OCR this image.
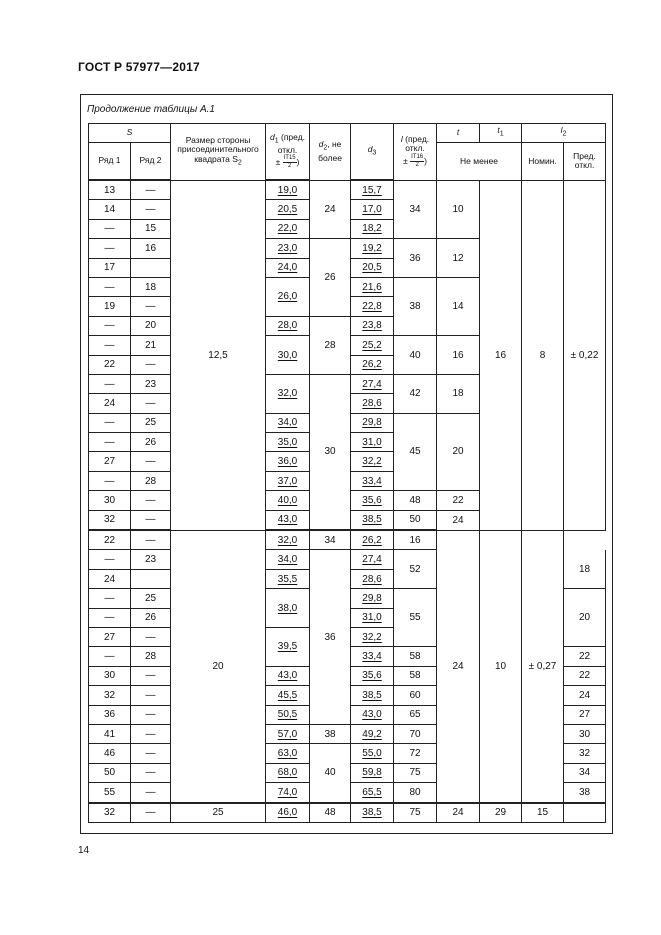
ГОСТ Р 57977—2017
Продолжение таблицы А.1
S		Размер стороны присоединительного квадрата $S_2$	$d_1$ (пред. откл.
± $\frac{IT15}{2}$ )	$d_2$, не более	$d_3$	l (пред. откл.
± $\frac{IT16}{2}$ )	t	$t_1$	$l_2$
Ряд 1	Ряд 2						Не менее		Номин.	Пред. откл.
13	—	12,5	19,0	24	15,7	34	10	16	8	± 0,22
14	—		20,5		17,0					
—	15		22,0		18,2					
—	16		23,0	26	19,2	36	12			
17			24,0		20,5					
—	18		26,0		21,6	38	14			
19	—				22,8					
—	20		28,0	28	23,8					
—	21		30,0		25,2	40	16			
22	—				26,2					
—	23		32,0	30	27,4	42	18			
24	—				28,6					
—	25		34,0		29,8	45	20			
—	26		35,0		31,0					
27	—		36,0		32,2					
—	28		37,0		33,4					
30	—		40,0		35,6	48	22			
32	—		43,0		38,5	50	24			
22	—	20	32,0	34	26,2	16	24	10	± 0,27	
—	23		34,0	36	27,4	52				18
24			35,5		28,6					
—	25		38,0		29,8	55				20
—	26				31,0					
27	—		39,5		32,2					
—	28				33,4	58				22
30	—		43,0		35,6	58				22
32	—		45,5		38,5	60				24
36	—		50,5		43,0	65				27
41	—		57,0	38	49,2	70				30
46	—		63,0	40	55,0	72				32
50	—		68,0		59,8	75				34
55	—		74,0		65,5	80				38
32	—	25	46,0	48	38,5	75	24	29	15	
14
